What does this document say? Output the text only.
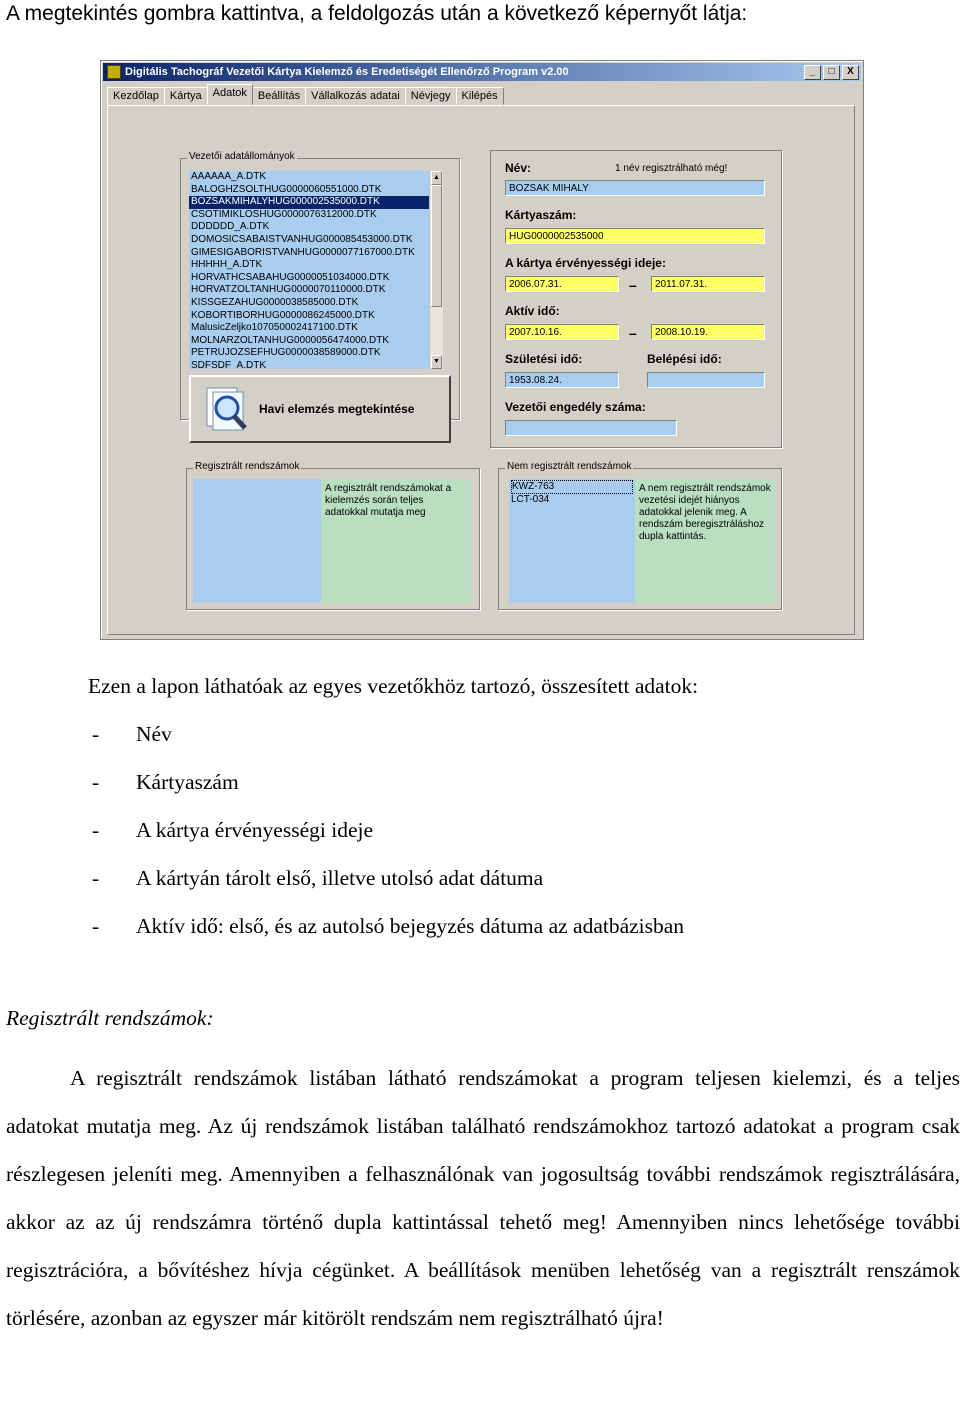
A megtekintés gombra kattintva, a feldolgozás után a következő képernyőt látja:
Digitális Tachográf Vezetői Kártya Kielemző és Eredetiségét Ellenőrző Program v2.00	_	□	X
Kezdőlap	Kártya	Adatok	Beállítás	Vállalkozás adatai	Névjegy	Kilépés
Vezetői adatállományok
AAAAAA_A.DTK
BALOGHZSOLTHUG0000060551000.DTK
BOZSAKMIHALYHUG000002535000.DTK
CSOTIMIKLOSHUG0000076312000.DTK
DDDDDD_A.DTK
DOMOSICSABAISTVANHUG000085453000.DTK
GIMESIGABORISTVANHUG0000077167000.DTK
HHHHH_A.DTK
HORVATHCSABAHUG0000051034000.DTK
HORVATZOLTANHUG0000070110000.DTK
KISSGEZAHUG0000038585000.DTK
KOBORTIBORHUG0000086245000.DTK
MalusicZeljko107050002417100.DTK
MOLNARZOLTANHUG0000056474000.DTK
PETRUJOZSEFHUG0000038589000.DTK
SDFSDF_A.DTK
▲
▼
Havi elemzés megtekintése
Név:	1 név regisztrálható még!
BOZSAK MIHALY
Kártyaszám:
HUG0000002535000
A kártya érvényességi ideje:
2006.07.31.	–	2011.07.31.
Aktív idő:
2007.10.16.	–	2008.10.19.
Születési idő:	Belépési idő:
1953.08.24.
Vezetői engedély száma:
Regisztrált rendszámok
A regisztrált rendszámokat a kielemzés során teljes adatokkal mutatja meg
Nem regisztrált rendszámok
KWZ-763
LCT-034
A nem regisztrált rendszámok vezetési idejét hiányos adatokkal jelenik meg. A rendszám beregisztráláshoz dupla kattintás.
Ezen a lapon láthatóak az egyes vezetőkhöz tartozó, összesített adatok:
-	Név
-	Kártyaszám
-	A kártya érvényességi ideje
-	A kártyán tárolt első, illetve utolsó adat dátuma
-	Aktív idő: első, és az autolsó bejegyzés dátuma az adatbázisban
Regisztrált rendszámok:

A regisztrált rendszámok listában látható rendszámokat a program teljesen kielemzi, és a teljes adatokat mutatja meg. Az új rendszámok listában található rendszámokhoz tartozó adatokat a program csak részlegesen jeleníti meg. Amennyiben a felhasználónak van jogosultság további rendszámok regisztrálására, akkor az az új rendszámra történő dupla kattintással tehető meg! Amennyiben nincs lehetősége további regisztrációra, a bővítéshez hívja cégünket. A beállítások menüben lehetőség van a regisztrált renszámok törlésére, azonban az egyszer már kitörölt rendszám nem regisztrálható újra!
